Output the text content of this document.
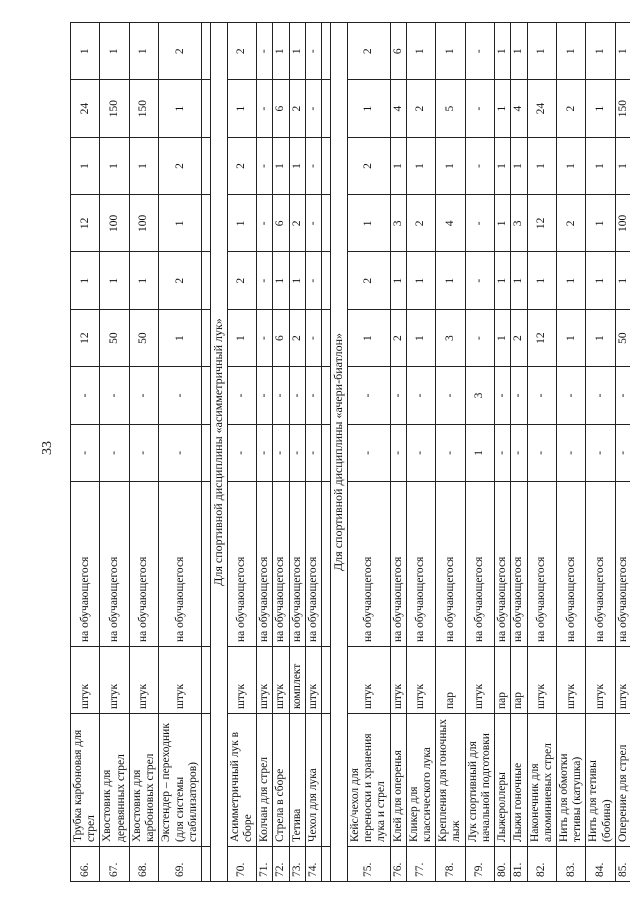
33
66.	Трубка карбоновая для стрел	штук	на обучающегося	-	-	12	1	12	1	24	1
67.	Хвостовик для деревянных стрел	штук	на обучающегося	-	-	50	1	100	1	150	1
68.	Хвостовик для карбоновых стрел	штук	на обучающегося	-	-	50	1	100	1	150	1
69.	Экстендер – переходник (для системы стабилизаторов)	штук	на обучающегося	-	-	1	2	1	2	1	2

Для спортивной дисциплины «асимметричный лук»											
70.	Асимметричный лук в сборе	штук	на обучающегося	-	-	1	2	1	2	1	2
71.	Колчан для стрел	штук	на обучающегося	-	-	-	-	-	-	-	-
72.	Стрела в сборе	штук	на обучающегося	-	-	6	1	6	1	6	1
73.	Тетива	комплект	на обучающегося	-	-	2	1	2	1	2	1
74.	Чехол для лука	штук	на обучающегося	-	-	-	-	-	-	-	-

Для спортивной дисциплины «ачери-биатлон»											
75.	Кейс/чехол для переноски и хранения лука и стрел	штук	на обучающегося	-	-	1	2	1	2	1	2
76.	Клей для оперенья	штук	на обучающегося	-	-	2	1	3	1	4	6
77.	Кликер для классического лука	штук	на обучающегося	-	-	1	1	2	1	2	1
78.	Крепления для гоночных лыж	пар	на обучающегося	-	-	3	1	4	1	5	1
79.	Лук спортивный для начальной подготовки	штук	на обучающегося	1	3	-	-	-	-	-	-
80.	Лыжероллеры	пар	на обучающегося	-	-	1	1	1	1	1	1
81.	Лыжи гоночные	пар	на обучающегося	-	-	2	1	3	1	4	1
82.	Наконечник для алюминиевых стрел	штук	на обучающегося	-	-	12	1	12	1	24	1
83.	Нить для обмотки тетивы (катушка)	штук	на обучающегося	-	-	1	1	2	1	2	1
84.	Нить для тетивы (бобина)	штук	на обучающегося	-	-	1	1	1	1	1	1
85.	Оперение для стрел	штук	на обучающегося	-	-	50	1	100	1	150	1
